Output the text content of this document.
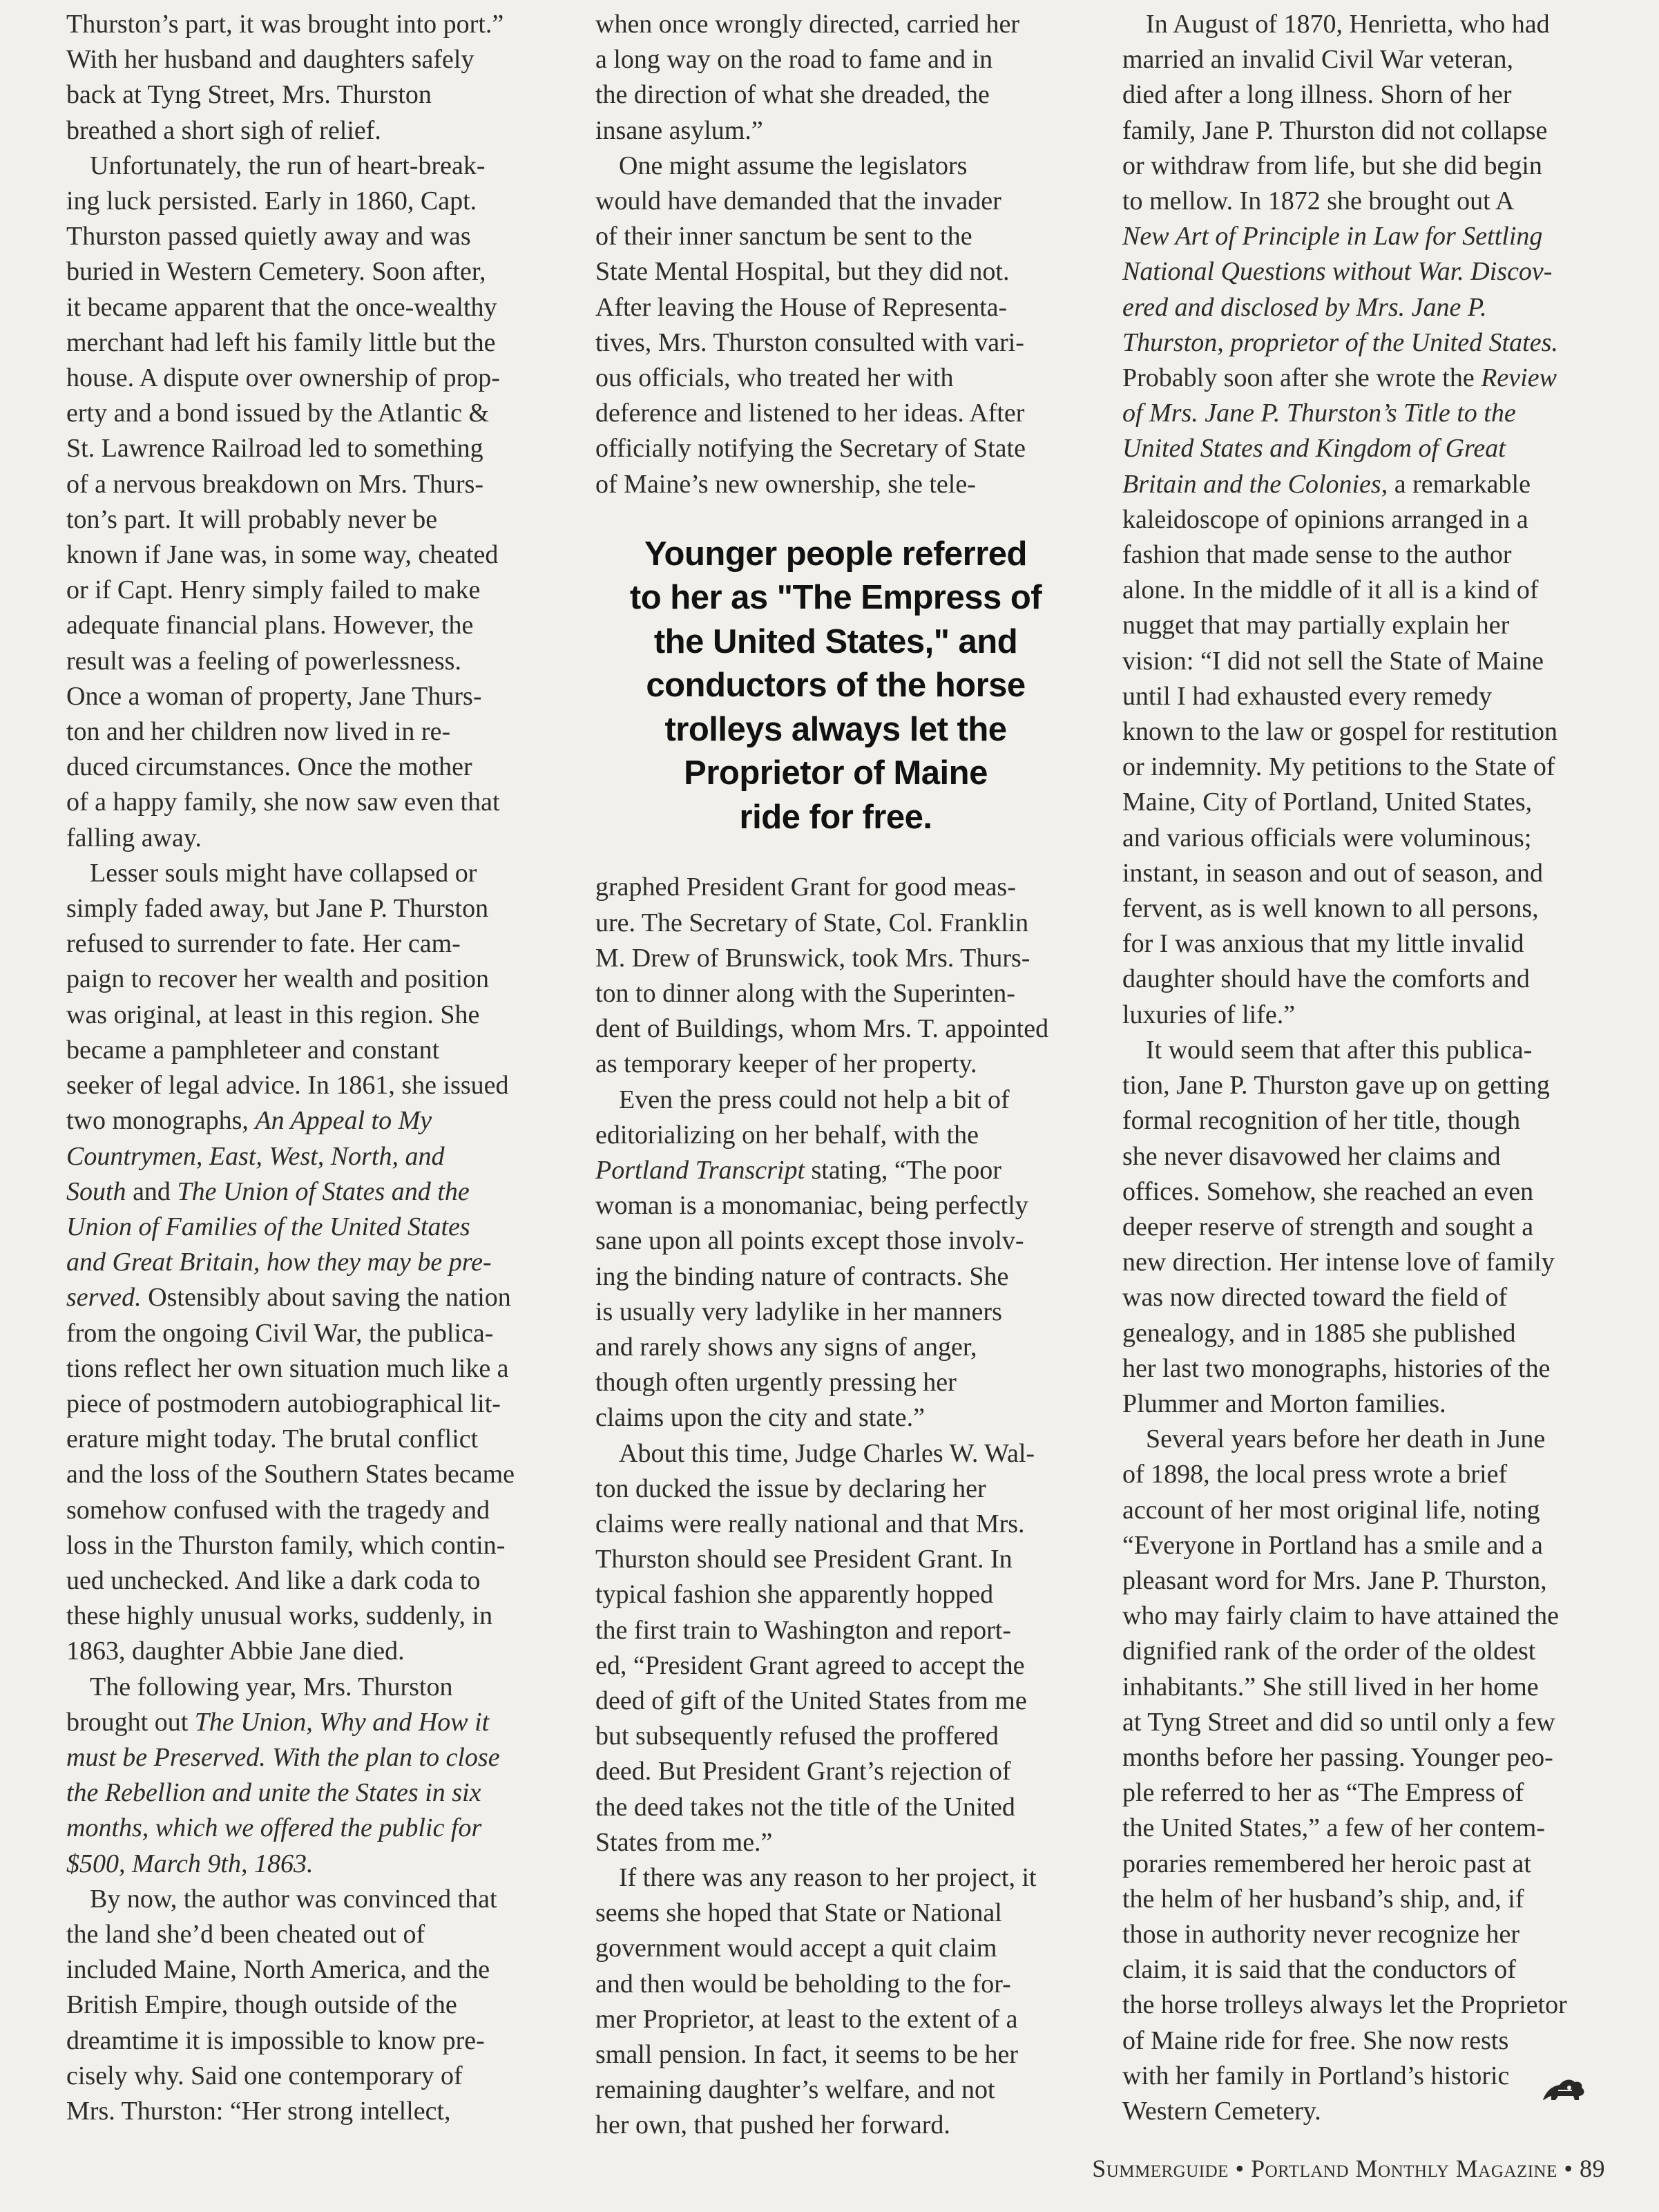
Thurston’s part, it was brought into port.”
With her husband and daughters safely
back at Tyng Street, Mrs. Thurston
breathed a short sigh of relief.
Unfortunately, the run of heart-break-
ing luck persisted. Early in 1860, Capt.
Thurston passed quietly away and was
buried in Western Cemetery. Soon after,
it became apparent that the once-wealthy
merchant had left his family little but the
house. A dispute over ownership of prop-
erty and a bond issued by the Atlantic &
St. Lawrence Railroad led to something
of a nervous breakdown on Mrs. Thurs-
ton’s part. It will probably never be
known if Jane was, in some way, cheated
or if Capt. Henry simply failed to make
adequate financial plans. However, the
result was a feeling of powerlessness.
Once a woman of property, Jane Thurs-
ton and her children now lived in re-
duced circumstances. Once the mother
of a happy family, she now saw even that
falling away.
Lesser souls might have collapsed or
simply faded away, but Jane P. Thurston
refused to surrender to fate. Her cam-
paign to recover her wealth and position
was original, at least in this region. She
became a pamphleteer and constant
seeker of legal advice. In 1861, she issued
two monographs, An Appeal to My
Countrymen, East, West, North, and
South and The Union of States and the
Union of Families of the United States
and Great Britain, how they may be pre-
served. Ostensibly about saving the nation
from the ongoing Civil War, the publica-
tions reflect her own situation much like a
piece of postmodern autobiographical lit-
erature might today. The brutal conflict
and the loss of the Southern States became
somehow confused with the tragedy and
loss in the Thurston family, which contin-
ued unchecked. And like a dark coda to
these highly unusual works, suddenly, in
1863, daughter Abbie Jane died.
The following year, Mrs. Thurston
brought out The Union, Why and How it
must be Preserved. With the plan to close
the Rebellion and unite the States in six
months, which we offered the public for
$500, March 9th, 1863.
By now, the author was convinced that
the land she’d been cheated out of
included Maine, North America, and the
British Empire, though outside of the
dreamtime it is impossible to know pre-
cisely why. Said one contemporary of
Mrs. Thurston: “Her strong intellect,
when once wrongly directed, carried her
a long way on the road to fame and in
the direction of what she dreaded, the
insane asylum.”
One might assume the legislators
would have demanded that the invader
of their inner sanctum be sent to the
State Mental Hospital, but they did not.
After leaving the House of Representa-
tives, Mrs. Thurston consulted with vari-
ous officials, who treated her with
deference and listened to her ideas. After
officially notifying the Secretary of State
of Maine’s new ownership, she tele-
Younger people referred
to her as "The Empress of
the United States," and
conductors of the horse
trolleys always let the
Proprietor of Maine
ride for free.
graphed President Grant for good meas-
ure. The Secretary of State, Col. Franklin
M. Drew of Brunswick, took Mrs. Thurs-
ton to dinner along with the Superinten-
dent of Buildings, whom Mrs. T. appointed
as temporary keeper of her property.
Even the press could not help a bit of
editorializing on her behalf, with the
Portland Transcript stating, “The poor
woman is a monomaniac, being perfectly
sane upon all points except those involv-
ing the binding nature of contracts. She
is usually very ladylike in her manners
and rarely shows any signs of anger,
though often urgently pressing her
claims upon the city and state.”
About this time, Judge Charles W. Wal-
ton ducked the issue by declaring her
claims were really national and that Mrs.
Thurston should see President Grant. In
typical fashion she apparently hopped
the first train to Washington and report-
ed, “President Grant agreed to accept the
deed of gift of the United States from me
but subsequently refused the proffered
deed. But President Grant’s rejection of
the deed takes not the title of the United
States from me.”
If there was any reason to her project, it
seems she hoped that State or National
government would accept a quit claim
and then would be beholding to the for-
mer Proprietor, at least to the extent of a
small pension. In fact, it seems to be her
remaining daughter’s welfare, and not
her own, that pushed her forward.
In August of 1870, Henrietta, who had
married an invalid Civil War veteran,
died after a long illness. Shorn of her
family, Jane P. Thurston did not collapse
or withdraw from life, but she did begin
to mellow. In 1872 she brought out A
New Art of Principle in Law for Settling
National Questions without War. Discov-
ered and disclosed by Mrs. Jane P.
Thurston, proprietor of the United States.
Probably soon after she wrote the Review
of Mrs. Jane P. Thurston’s Title to the
United States and Kingdom of Great
Britain and the Colonies, a remarkable
kaleidoscope of opinions arranged in a
fashion that made sense to the author
alone. In the middle of it all is a kind of
nugget that may partially explain her
vision: “I did not sell the State of Maine
until I had exhausted every remedy
known to the law or gospel for restitution
or indemnity. My petitions to the State of
Maine, City of Portland, United States,
and various officials were voluminous;
instant, in season and out of season, and
fervent, as is well known to all persons,
for I was anxious that my little invalid
daughter should have the comforts and
luxuries of life.”
It would seem that after this publica-
tion, Jane P. Thurston gave up on getting
formal recognition of her title, though
she never disavowed her claims and
offices. Somehow, she reached an even
deeper reserve of strength and sought a
new direction. Her intense love of family
was now directed toward the field of
genealogy, and in 1885 she published
her last two monographs, histories of the
Plummer and Morton families.
Several years before her death in June
of 1898, the local press wrote a brief
account of her most original life, noting
“Everyone in Portland has a smile and a
pleasant word for Mrs. Jane P. Thurston,
who may fairly claim to have attained the
dignified rank of the order of the oldest
inhabitants.” She still lived in her home
at Tyng Street and did so until only a few
months before her passing. Younger peo-
ple referred to her as “The Empress of
the United States,” a few of her contem-
poraries remembered her heroic past at
the helm of her husband’s ship, and, if
those in authority never recognize her
claim, it is said that the conductors of
the horse trolleys always let the Proprietor
of Maine ride for free. She now rests
with her family in Portland’s historic
Western Cemetery.
Summerguide • Portland Monthly Magazine • 89
